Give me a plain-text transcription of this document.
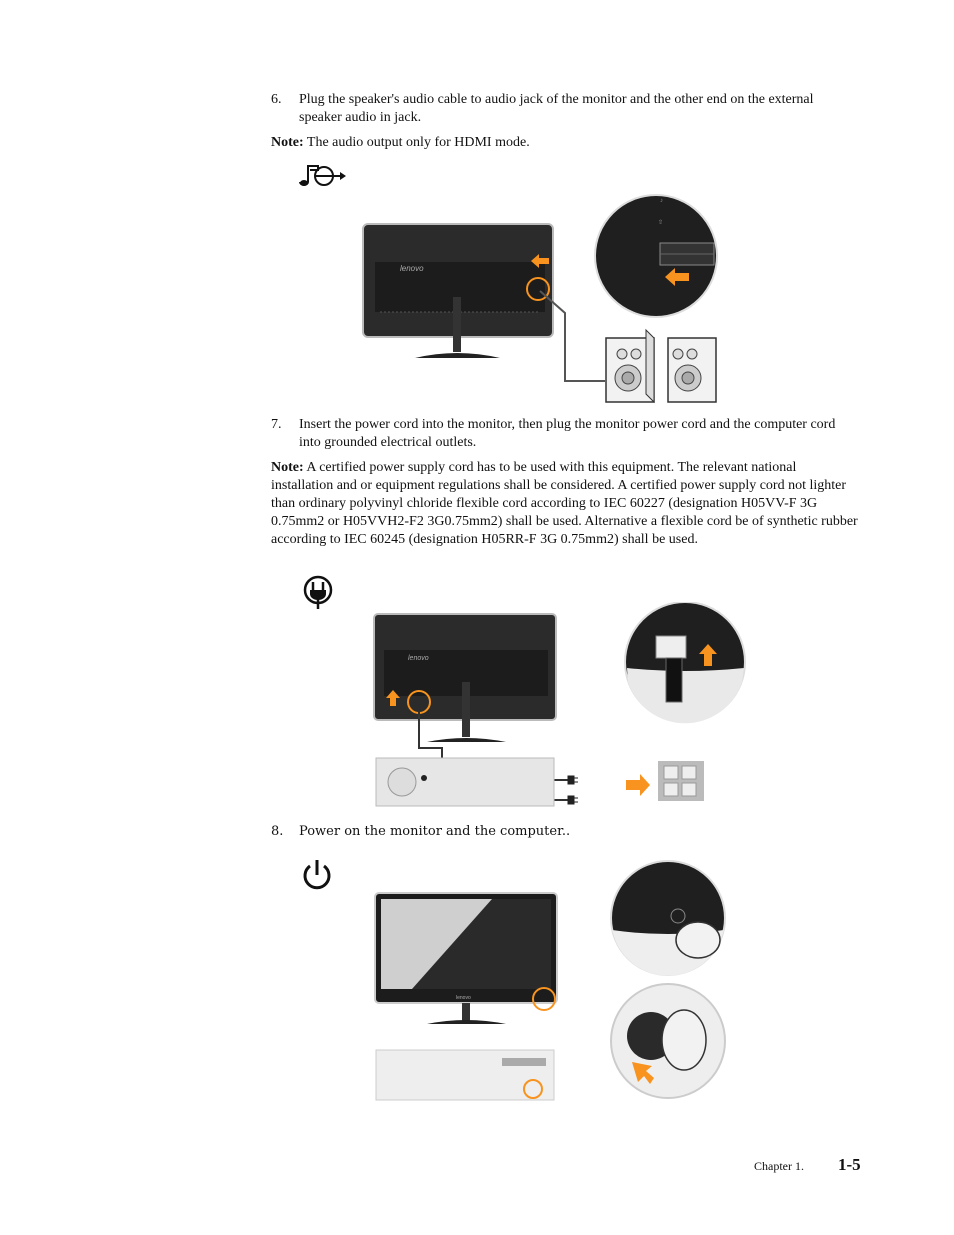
6. Plug the speaker's audio cable to audio jack of the monitor and the other end on the external speaker audio in jack.
Note: The audio output only for HDMI mode.
lenovo
♪
⇧
7. Insert the power cord into the monitor, then plug the monitor power cord and the computer cord into grounded electrical outlets.
Note: A certified power supply cord has to be used with this equipment. The relevant national installation and or equipment regulations shall be considered. A certified power supply cord not lighter than ordinary polyvinyl chloride flexible cord according to IEC 60227 (designation H05VV-F 3G 0.75mm2 or H05VVH2-F2 3G0.75mm2) shall be used. Alternative a flexible cord be of synthetic rubber according to IEC 60245 (designation H05RR-F 3G 0.75mm2) shall be used.
lenovo
8. Power on the monitor and the computer..
lenovo
Chapter 1. 1-5
